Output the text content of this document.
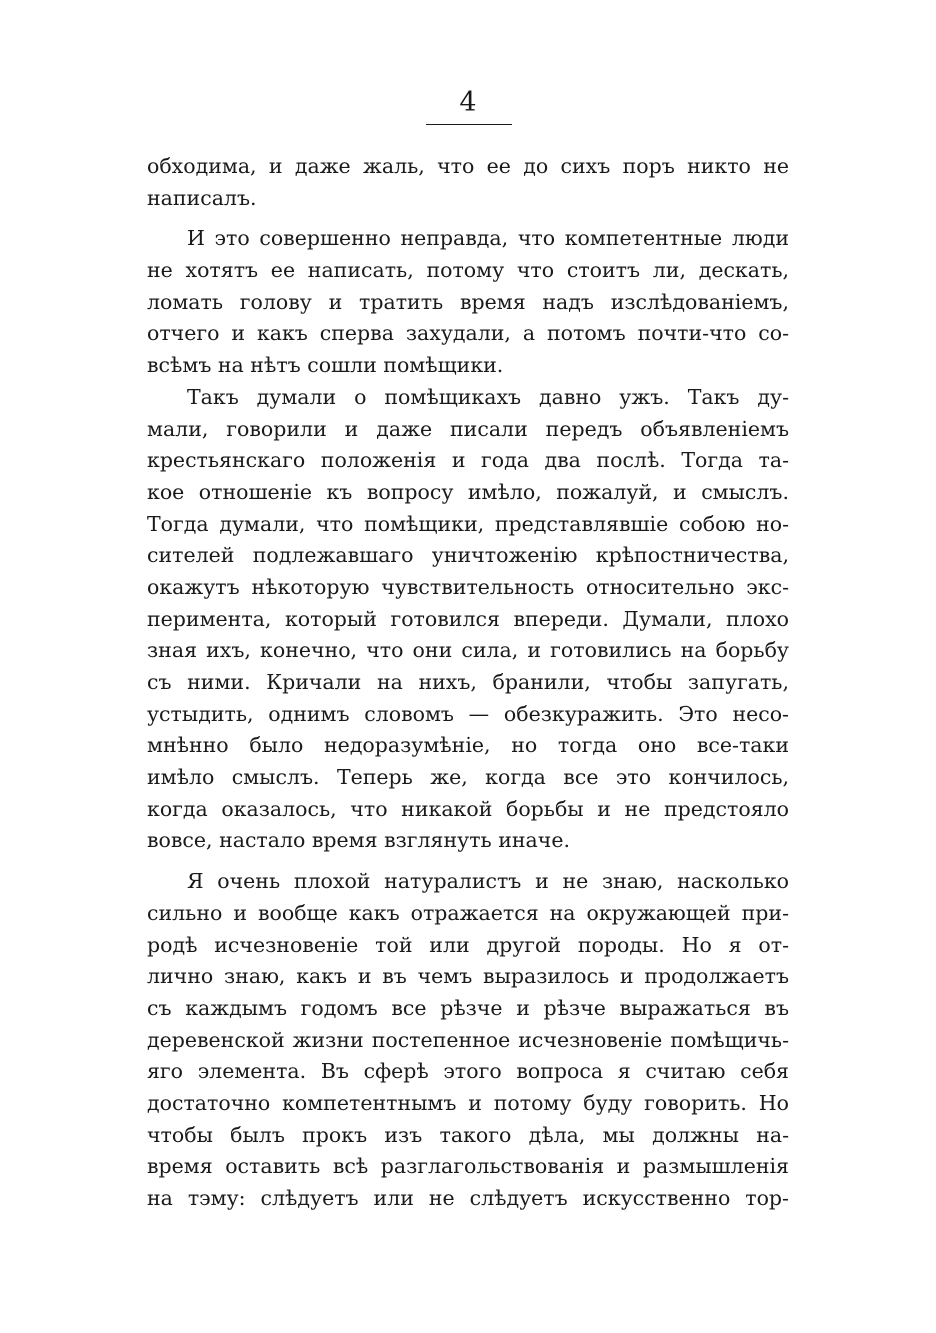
4
обходима, и даже жаль, что ее до сихъ поръ никто не
написалъ.
И это совершенно неправда, что компетентные люди
не хотятъ ее написать, потому что стоитъ ли, дескать,
ломать голову и тратить время надъ изслѣдованіемъ,
отчего и какъ сперва захудали, а потомъ почти-что со-
всѣмъ на нѣтъ сошли помѣщики.
Такъ думали о помѣщикахъ давно ужъ. Такъ ду-
мали, говорили и даже писали передъ объявленіемъ
крестьянскаго положенія и года два послѣ. Тогда та-
кое отношеніе къ вопросу имѣло, пожалуй, и смыслъ.
Тогда думали, что помѣщики, представлявшіе собою но-
сителей подлежавшаго уничтоженію крѣпостничества,
окажутъ нѣкоторую чувствительность относительно экс-
перимента, который готовился впереди. Думали, плохо
зная ихъ, конечно, что они сила, и готовились на борьбу
съ ними. Кричали на нихъ, бранили, чтобы запугать,
устыдить, однимъ словомъ — обезкуражить. Это несо-
мнѣнно было недоразумѣніе, но тогда оно все-таки
имѣло смыслъ. Теперь же, когда все это кончилось,
когда оказалось, что никакой борьбы и не предстояло
вовсе, настало время взглянуть иначе.
Я очень плохой натуралистъ и не знаю, насколько
сильно и вообще какъ отражается на окружающей при-
родѣ исчезновеніе той или другой породы. Но я от-
лично знаю, какъ и въ чемъ выразилось и продолжаетъ
съ каждымъ годомъ все рѣзче и рѣзче выражаться въ
деревенской жизни постепенное исчезновеніе помѣщичь-
яго элемента. Въ сферѣ этого вопроса я считаю себя
достаточно компетентнымъ и потому буду говорить. Но
чтобы былъ прокъ изъ такого дѣла, мы должны на-
время оставить всѣ разглагольствованія и размышленія
на тэму: слѣдуетъ или не слѣдуетъ искусственно тор-
